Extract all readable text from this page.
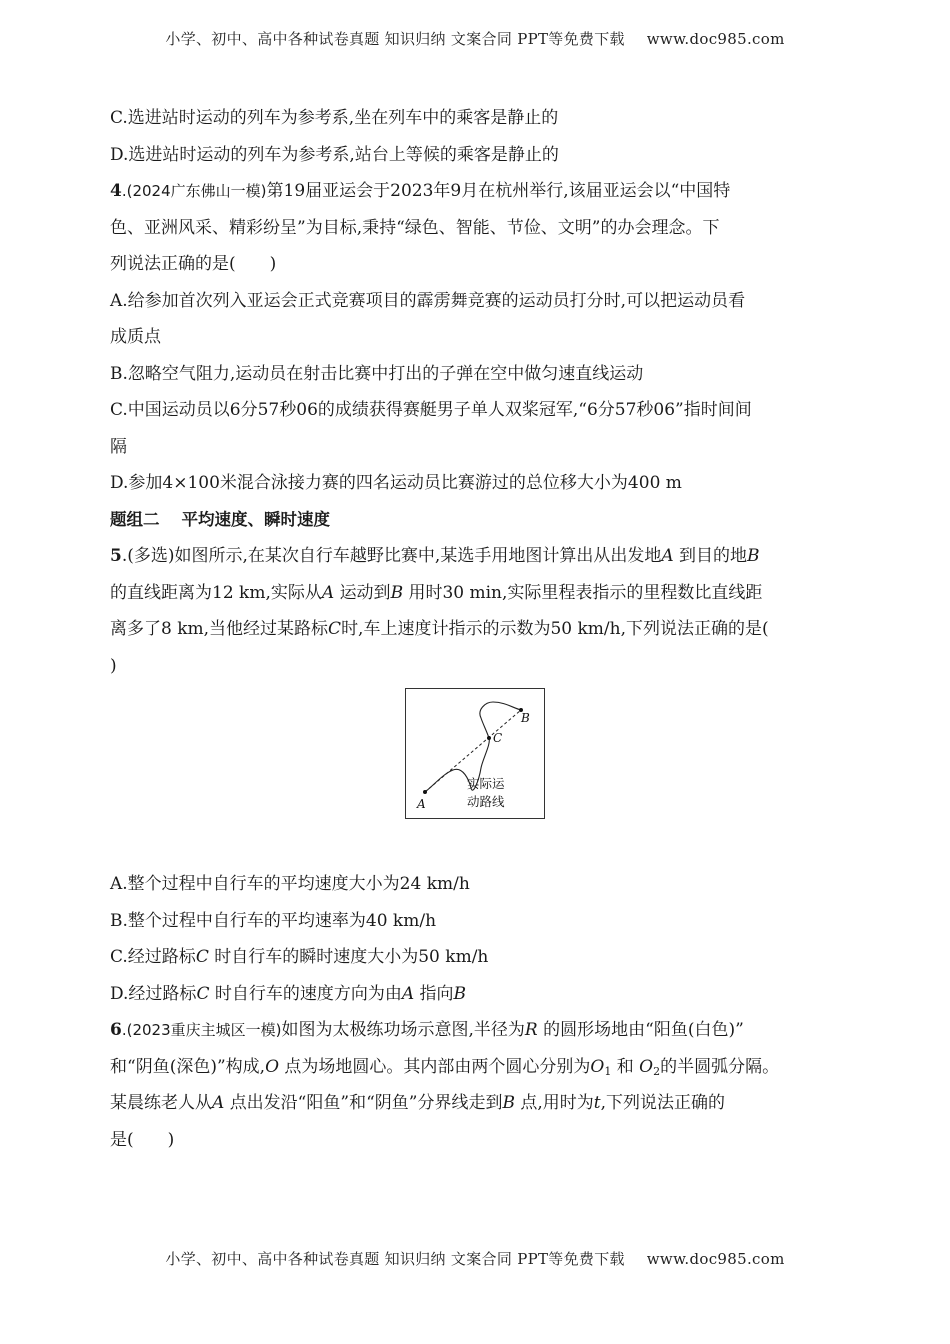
小学、初中、高中各种试卷真题 知识归纳 文案合同 PPT等免费下载 www.doc985.com
C.选进站时运动的列车为参考系,坐在列车中的乘客是静止的
D.选进站时运动的列车为参考系,站台上等候的乘客是静止的
4.(2024广东佛山一模)第19届亚运会于2023年9月在杭州举行,该届亚运会以“中国特
色、亚洲风采、精彩纷呈”为目标,秉持“绿色、智能、节俭、文明”的办会理念。下
列说法正确的是(　　)
A.给参加首次列入亚运会正式竞赛项目的霹雳舞竞赛的运动员打分时,可以把运动员看
成质点
B.忽略空气阻力,运动员在射击比赛中打出的子弹在空中做匀速直线运动
C.中国运动员以6分57秒06的成绩获得赛艇男子单人双桨冠军,“6分57秒06”指时间间
隔
D.参加4×100米混合泳接力赛的四名运动员比赛游过的总位移大小为400 m
题组二 平均速度、瞬时速度
5.(多选)如图所示,在某次自行车越野比赛中,某选手用地图计算出从出发地A 到目的地B
的直线距离为12 km,实际从A 运动到B 用时30 min,实际里程表指示的里程数比直线距
离多了8 km,当他经过某路标C时,车上速度计指示的示数为50 km/h,下列说法正确的是(
)
A.整个过程中自行车的平均速度大小为24 km/h
B.整个过程中自行车的平均速率为40 km/h
C.经过路标C 时自行车的瞬时速度大小为50 km/h
D.经过路标C 时自行车的速度方向为由A 指向B
6.(2023重庆主城区一模)如图为太极练功场示意图,半径为R 的圆形场地由“阳鱼(白色)”
和“阴鱼(深色)”构成,O 点为场地圆心。其内部由两个圆心分别为$O_1$ 和 $O_2$的半圆弧分隔。
某晨练老人从A 点出发沿“阳鱼”和“阴鱼”分界线走到B 点,用时为t,下列说法正确的
是(　　)
A
B
C
实际运
动路线
小学、初中、高中各种试卷真题 知识归纳 文案合同 PPT等免费下载 www.doc985.com
